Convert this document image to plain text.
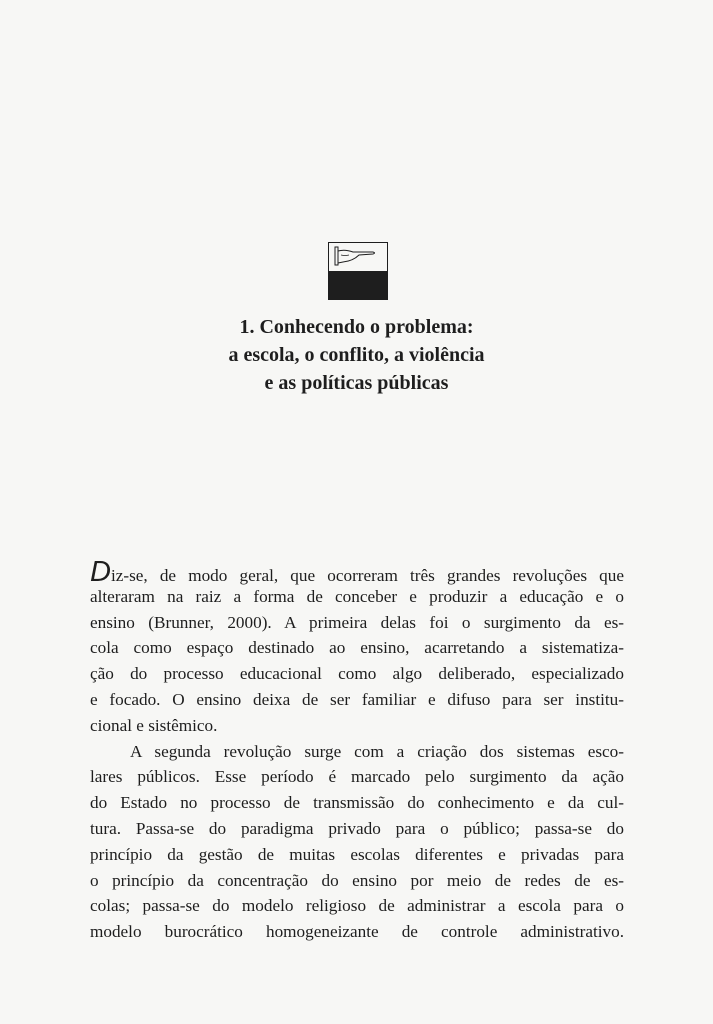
1. Conhecendo o problema:
a escola, o conflito, a violência
e as políticas públicas
Diz-se, de modo geral, que ocorreram três grandes revoluções que
alteraram na raiz a forma de conceber e produzir a educação e o
ensino (Brunner, 2000). A primeira delas foi o surgimento da es-
cola como espaço destinado ao ensino, acarretando a sistematiza-
ção do processo educacional como algo deliberado, especializado
e focado. O ensino deixa de ser familiar e difuso para ser institu-
cional e sistêmico.
A segunda revolução surge com a criação dos sistemas esco-
lares públicos. Esse período é marcado pelo surgimento da ação
do Estado no processo de transmissão do conhecimento e da cul-
tura. Passa-se do paradigma privado para o público; passa-se do
princípio da gestão de muitas escolas diferentes e privadas para
o princípio da concentração do ensino por meio de redes de es-
colas; passa-se do modelo religioso de administrar a escola para o
modelo burocrático homogeneizante de controle administrativo.
